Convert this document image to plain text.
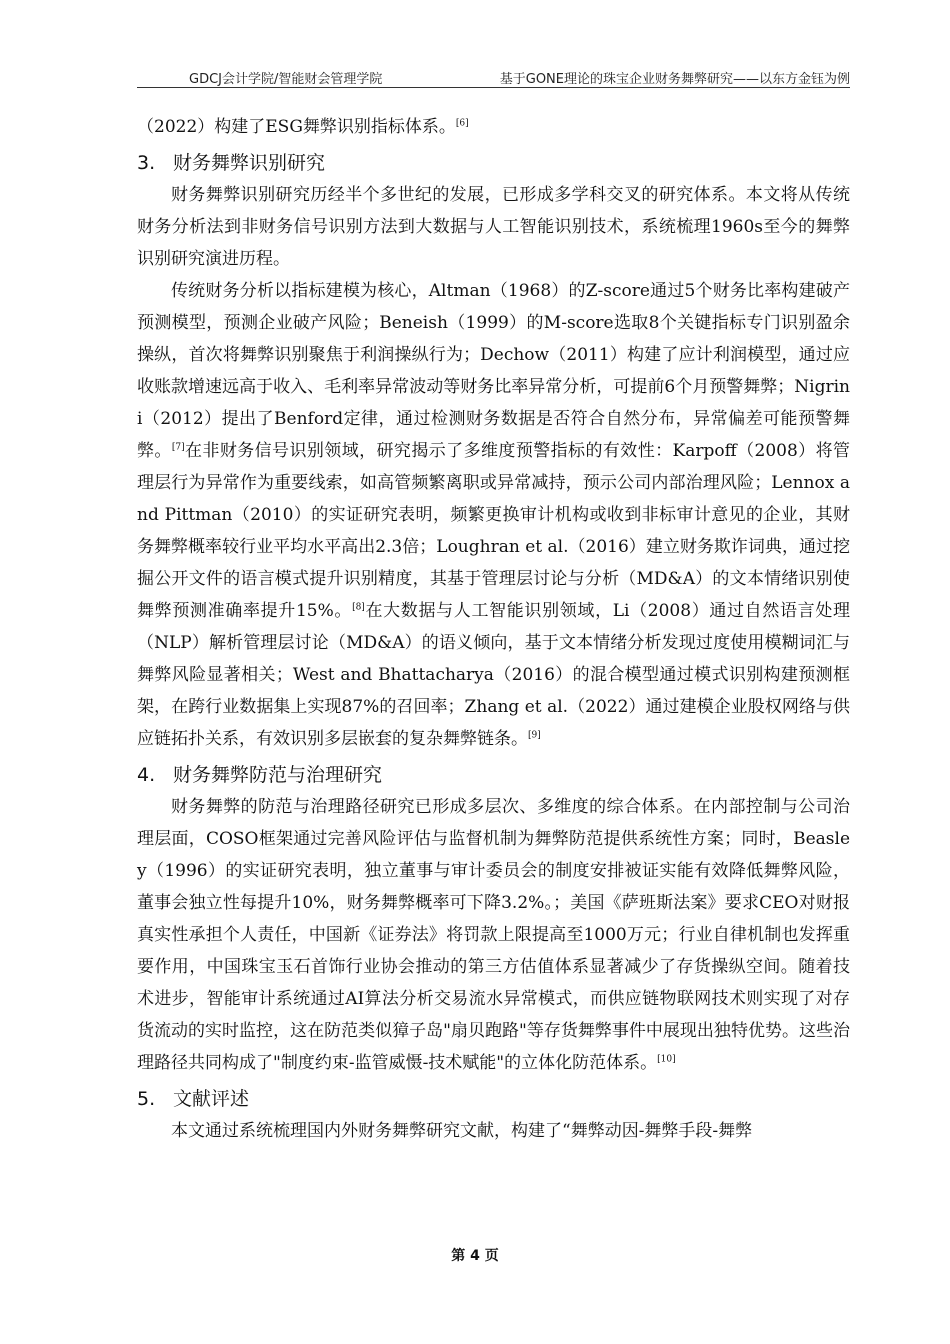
GDCJ会计学院/智能财会管理学院	基于GONE理论的珠宝企业财务舞弊研究——以东方金钰为例

（2022）构建了ESG舞弊识别指标体系。[6]

3. 财务舞弊识别研究

财务舞弊识别研究历经半个多世纪的发展，已形成多学科交叉的研究体系。本文将从传统财务分析法到非财务信号识别方法到大数据与人工智能识别技术，系统梳理1960s至今的舞弊识别研究演进历程。

传统财务分析以指标建模为核心，Altman（1968）的Z-score通过5个财务比率构建破产预测模型，预测企业破产风险；Beneish（1999）的M-score选取8个关键指标专门识别盈余操纵，首次将舞弊识别聚焦于利润操纵行为；Dechow（2011）构建了应计利润模型，通过应收账款增速远高于收入、毛利率异常波动等财务比率异常分析，可提前6个月预警舞弊；Nigrini（2012）提出了Benford定律，通过检测财务数据是否符合自然分布，异常偏差可能预警舞弊。[7]在非财务信号识别领域，研究揭示了多维度预警指标的有效性：Karpoff（2008）将管理层行为异常作为重要线索，如高管频繁离职或异常减持，预示公司内部治理风险；Lennox and Pittman（2010）的实证研究表明，频繁更换审计机构或收到非标审计意见的企业，其财务舞弊概率较行业平均水平高出2.3倍；Loughran et al.（2016）建立财务欺诈词典，通过挖掘公开文件的语言模式提升识别精度，其基于管理层讨论与分析（MD&A）的文本情绪识别使舞弊预测准确率提升15%。[8]在大数据与人工智能识别领域，Li（2008）通过自然语言处理（NLP）解析管理层讨论（MD&A）的语义倾向，基于文本情绪分析发现过度使用模糊词汇与舞弊风险显著相关；West and Bhattacharya（2016）的混合模型通过模式识别构建预测框架，在跨行业数据集上实现87%的召回率；Zhang et al.（2022）通过建模企业股权网络与供应链拓扑关系，有效识别多层嵌套的复杂舞弊链条。[9]

4. 财务舞弊防范与治理研究

财务舞弊的防范与治理路径研究已形成多层次、多维度的综合体系。在内部控制与公司治理层面，COSO框架通过完善风险评估与监督机制为舞弊防范提供系统性方案；同时，Beasley（1996）的实证研究表明，独立董事与审计委员会的制度安排被证实能有效降低舞弊风险，董事会独立性每提升10%，财务舞弊概率可下降3.2%。；美国《萨班斯法案》要求CEO对财报真实性承担个人责任，中国新《证券法》将罚款上限提高至1000万元；行业自律机制也发挥重要作用，中国珠宝玉石首饰行业协会推动的第三方估值体系显著减少了存货操纵空间。随着技术进步，智能审计系统通过AI算法分析交易流水异常模式，而供应链物联网技术则实现了对存货流动的实时监控，这在防范类似獐子岛"扇贝跑路"等存货舞弊事件中展现出独特优势。这些治理路径共同构成了"制度约束-监管威慑-技术赋能"的立体化防范体系。[10]

5. 文献评述

本文通过系统梳理国内外财务舞弊研究文献，构建了“舞弊动因-舞弊手段-舞弊

第 4 页
